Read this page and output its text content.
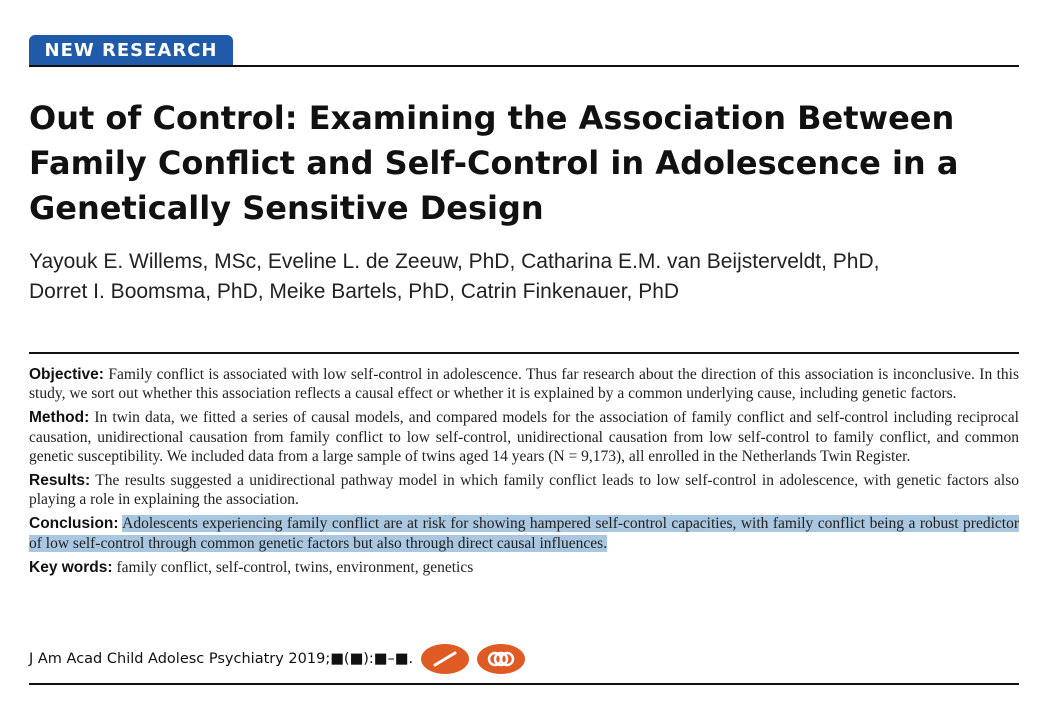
NEW RESEARCH
Out of Control: Examining the Association Between
Family Conflict and Self-Control in Adolescence in a
Genetically Sensitive Design
Yayouk E. Willems, MSc, Eveline L. de Zeeuw, PhD, Catharina E.M. van Beijsterveldt, PhD,
Dorret I. Boomsma, PhD, Meike Bartels, PhD, Catrin Finkenauer, PhD

Objective: Family conflict is associated with low self-control in adolescence. Thus far research about the direction of this association is inconclusive. In this study, we sort out whether this association reflects a causal effect or whether it is explained by a common underlying cause, including genetic factors.

Method: In twin data, we fitted a series of causal models, and compared models for the association of family conflict and self-control including reciprocal causation, unidirectional causation from family conflict to low self-control, unidirectional causation from low self-control to family conflict, and common genetic susceptibility. We included data from a large sample of twins aged 14 years (N = 9,173), all enrolled in the Netherlands Twin Register.

Results: The results suggested a unidirectional pathway model in which family conflict leads to low self-control in adolescence, with genetic factors also playing a role in explaining the association.

Conclusion: Adolescents experiencing family conflict are at risk for showing hampered self-control capacities, with family conflict being a robust predictor of low self-control through common genetic factors but also through direct causal influences.

Key words: family conflict, self-control, twins, environment, genetics

J Am Acad Child Adolesc Psychiatry 2019;■(■):■–■.
